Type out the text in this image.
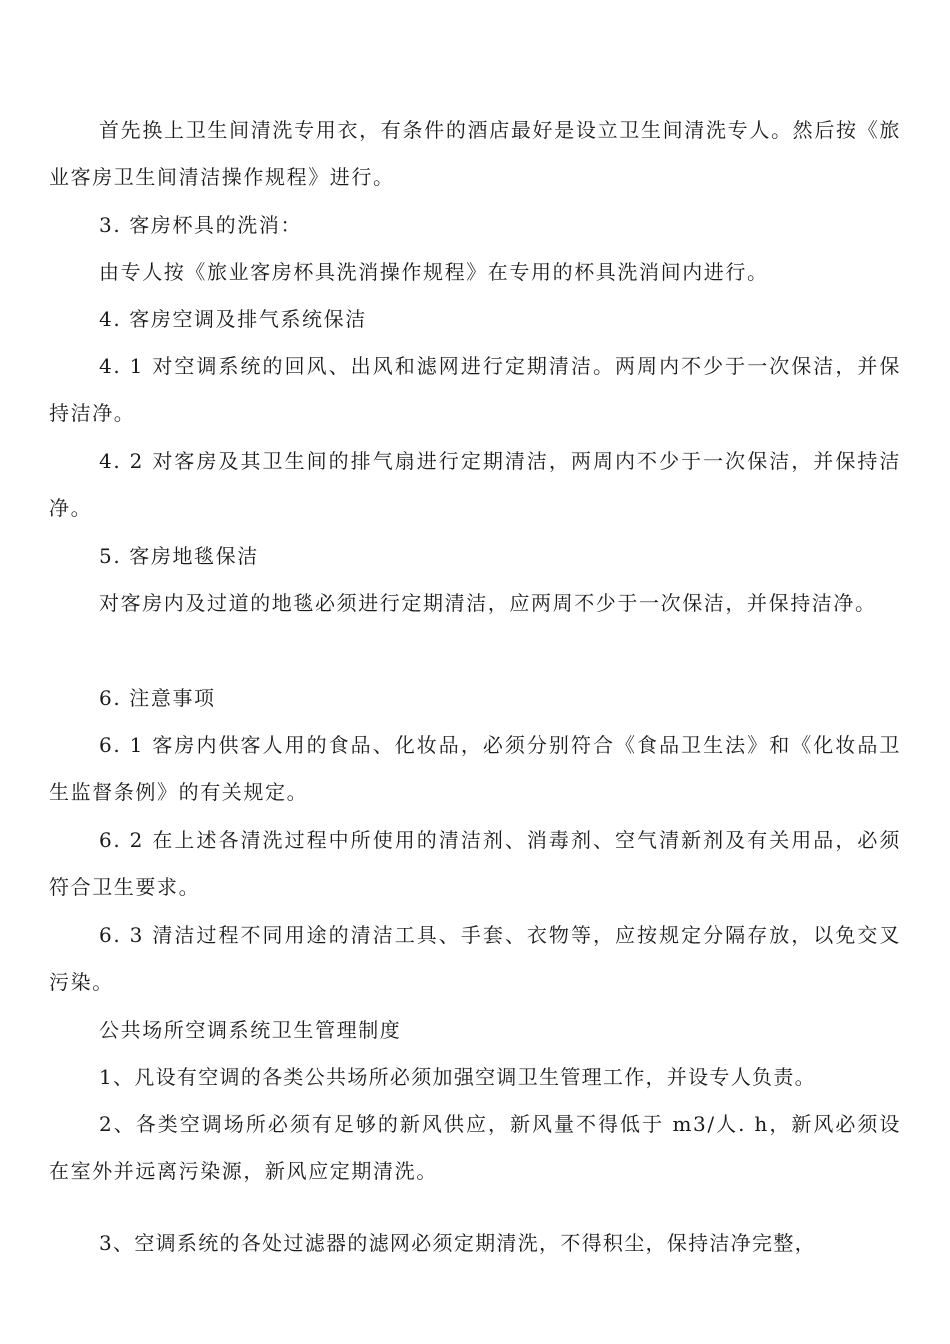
首先换上卫生间清洗专用衣，有条件的酒店最好是设立卫生间清洗专人。然后按《旅业客房卫生间清洁操作规程》进行。

3. 客房杯具的洗消：

由专人按《旅业客房杯具洗消操作规程》在专用的杯具洗消间内进行。

4. 客房空调及排气系统保洁

4. 1 对空调系统的回风、出风和滤网进行定期清洁。两周内不少于一次保洁，并保持洁净。

4. 2 对客房及其卫生间的排气扇进行定期清洁，两周内不少于一次保洁，并保持洁净。

5. 客房地毯保洁

对客房内及过道的地毯必须进行定期清洁，应两周不少于一次保洁，并保持洁净。

6. 注意事项

6. 1 客房内供客人用的食品、化妆品，必须分别符合《食品卫生法》和《化妆品卫生监督条例》的有关规定。

6. 2 在上述各清洗过程中所使用的清洁剂、消毒剂、空气清新剂及有关用品，必须符合卫生要求。

6. 3 清洁过程不同用途的清洁工具、手套、衣物等，应按规定分隔存放，以免交叉污染。

公共场所空调系统卫生管理制度

1、凡设有空调的各类公共场所必须加强空调卫生管理工作，并设专人负责。

2、各类空调场所必须有足够的新风供应，新风量不得低于 m3/人. h，新风必须设在室外并远离污染源，新风应定期清洗。

3、空调系统的各处过滤器的滤网必须定期清洗，不得积尘，保持洁净完整，
